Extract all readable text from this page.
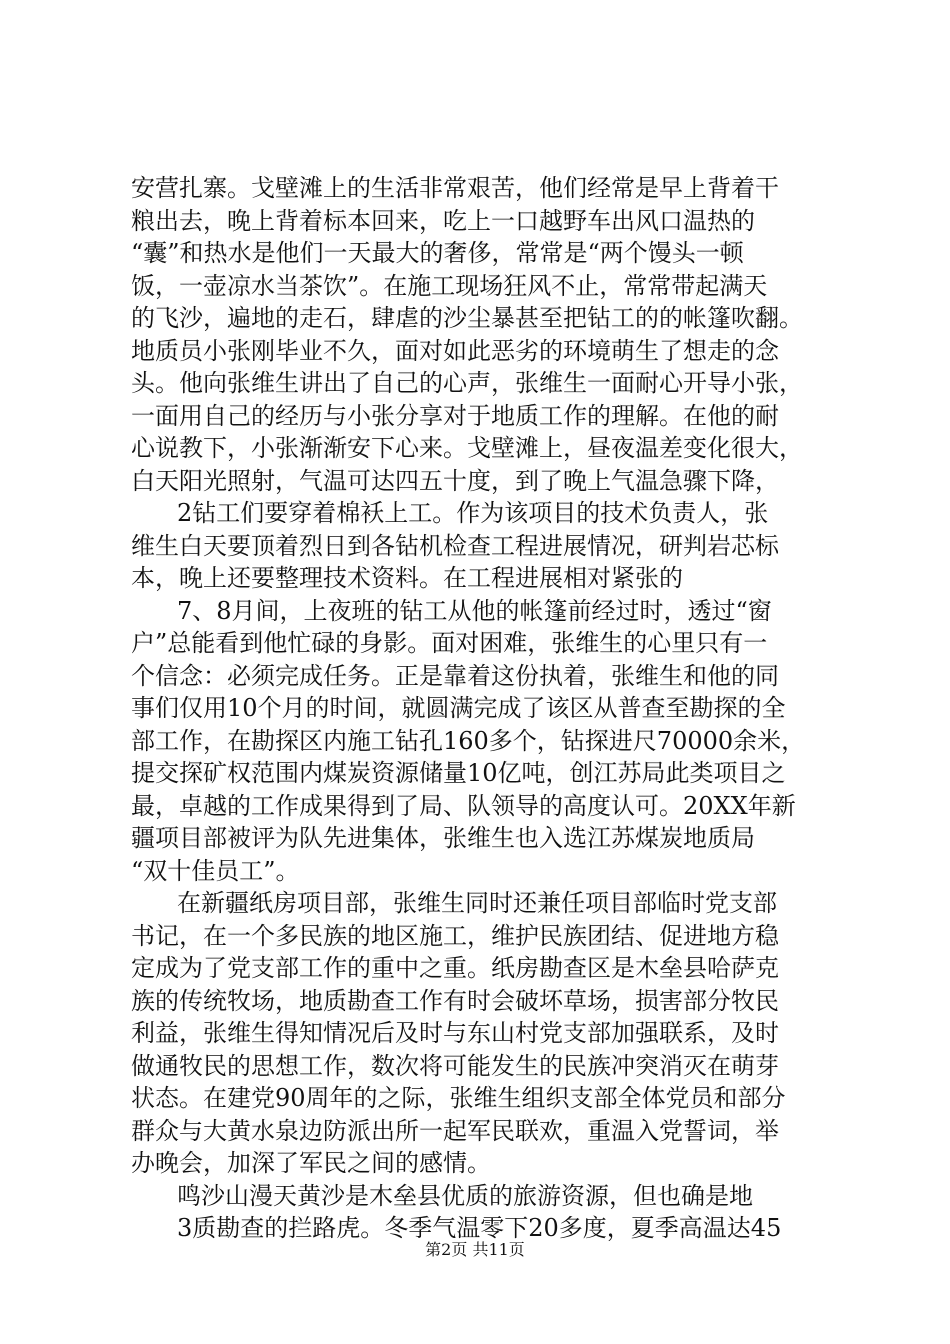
安营扎寨。戈壁滩上的生活非常艰苦，他们经常是早上背着干
粮出去，晚上背着标本回来，吃上一口越野车出风口温热的
“囊”和热水是他们一天最大的奢侈，常常是“两个馒头一顿
饭，一壶凉水当茶饮”。在施工现场狂风不止，常常带起满天
的飞沙，遍地的走石，肆虐的沙尘暴甚至把钻工的的帐篷吹翻。
地质员小张刚毕业不久，面对如此恶劣的环境萌生了想走的念
头。他向张维生讲出了自己的心声，张维生一面耐心开导小张，
一面用自己的经历与小张分享对于地质工作的理解。在他的耐
心说教下，小张渐渐安下心来。戈壁滩上，昼夜温差变化很大，
白天阳光照射，气温可达四五十度，到了晚上气温急骤下降，
2钻工们要穿着棉袄上工。作为该项目的技术负责人，张
维生白天要顶着烈日到各钻机检查工程进展情况，研判岩芯标
本，晚上还要整理技术资料。在工程进展相对紧张的
7、8月间，上夜班的钻工从他的帐篷前经过时，透过“窗
户”总能看到他忙碌的身影。面对困难，张维生的心里只有一
个信念：必须完成任务。正是靠着这份执着，张维生和他的同
事们仅用10个月的时间，就圆满完成了该区从普查至勘探的全
部工作，在勘探区内施工钻孔160多个，钻探进尺70000余米，
提交探矿权范围内煤炭资源储量10亿吨，创江苏局此类项目之
最，卓越的工作成果得到了局、队领导的高度认可。20XX年新
疆项目部被评为队先进集体，张维生也入选江苏煤炭地质局
“双十佳员工”。
在新疆纸房项目部，张维生同时还兼任项目部临时党支部
书记，在一个多民族的地区施工，维护民族团结、促进地方稳
定成为了党支部工作的重中之重。纸房勘查区是木垒县哈萨克
族的传统牧场，地质勘查工作有时会破坏草场，损害部分牧民
利益，张维生得知情况后及时与东山村党支部加强联系，及时
做通牧民的思想工作，数次将可能发生的民族冲突消灭在萌芽
状态。在建党90周年的之际，张维生组织支部全体党员和部分
群众与大黄水泉边防派出所一起军民联欢，重温入党誓词，举
办晚会，加深了军民之间的感情。
鸣沙山漫天黄沙是木垒县优质的旅游资源，但也确是地
3质勘查的拦路虎。冬季气温零下20多度，夏季高温达45
第2页 共11页
